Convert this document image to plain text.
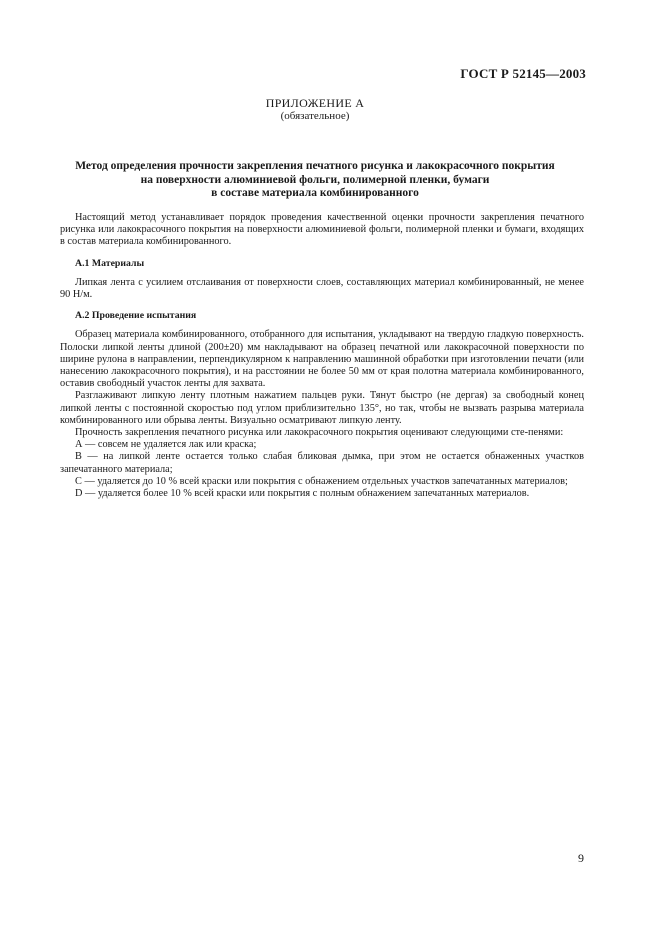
ГОСТ Р 52145—2003
ПРИЛОЖЕНИЕ А
(обязательное)
Метод определения прочности закрепления печатного рисунка и лакокрасочного покрытия
на поверхности алюминиевой фольги, полимерной пленки, бумаги
в составе материала комбинированного

Настоящий метод устанавливает порядок проведения качественной оценки прочности закрепления печатного рисунка или лакокрасочного покрытия на поверхности алюминиевой фольги, полимерной пленки и бумаги, входящих в состав материала комбинированного.

А.1 Материалы

Липкая лента с усилием отслаивания от поверхности слоев, составляющих материал комбинированный, не менее 90 Н/м.

А.2 Проведение испытания

Образец материала комбинированного, отобранного для испытания, укладывают на твердую гладкую поверхность. Полоски липкой ленты длиной (200±20) мм накладывают на образец печатной или лакокрасочной поверхности по ширине рулона в направлении, перпендикулярном к направлению машинной обработки при изготовлении печати (или нанесению лакокрасочного покрытия), и на расстоянии не более 50 мм от края полотна материала комбинированного, оставив свободный участок ленты для захвата.

Разглаживают липкую ленту плотным нажатием пальцев руки. Тянут быстро (не дергая) за свободный конец липкой ленты с постоянной скоростью под углом приблизительно 135°, но так, чтобы не вызвать разрыва материала комбинированного или обрыва ленты. Визуально осматривают липкую ленту.

Прочность закрепления печатного рисунка или лакокрасочного покрытия оценивают следующими сте-пенями:

А — совсем не удаляется лак или краска;

В — на липкой ленте остается только слабая бликовая дымка, при этом не остается обнаженных участков запечатанного материала;

С — удаляется до 10 % всей краски или покрытия с обнажением отдельных участков запечатанных материалов;

D — удаляется более 10 % всей краски или покрытия с полным обнажением запечатанных материалов.

9
